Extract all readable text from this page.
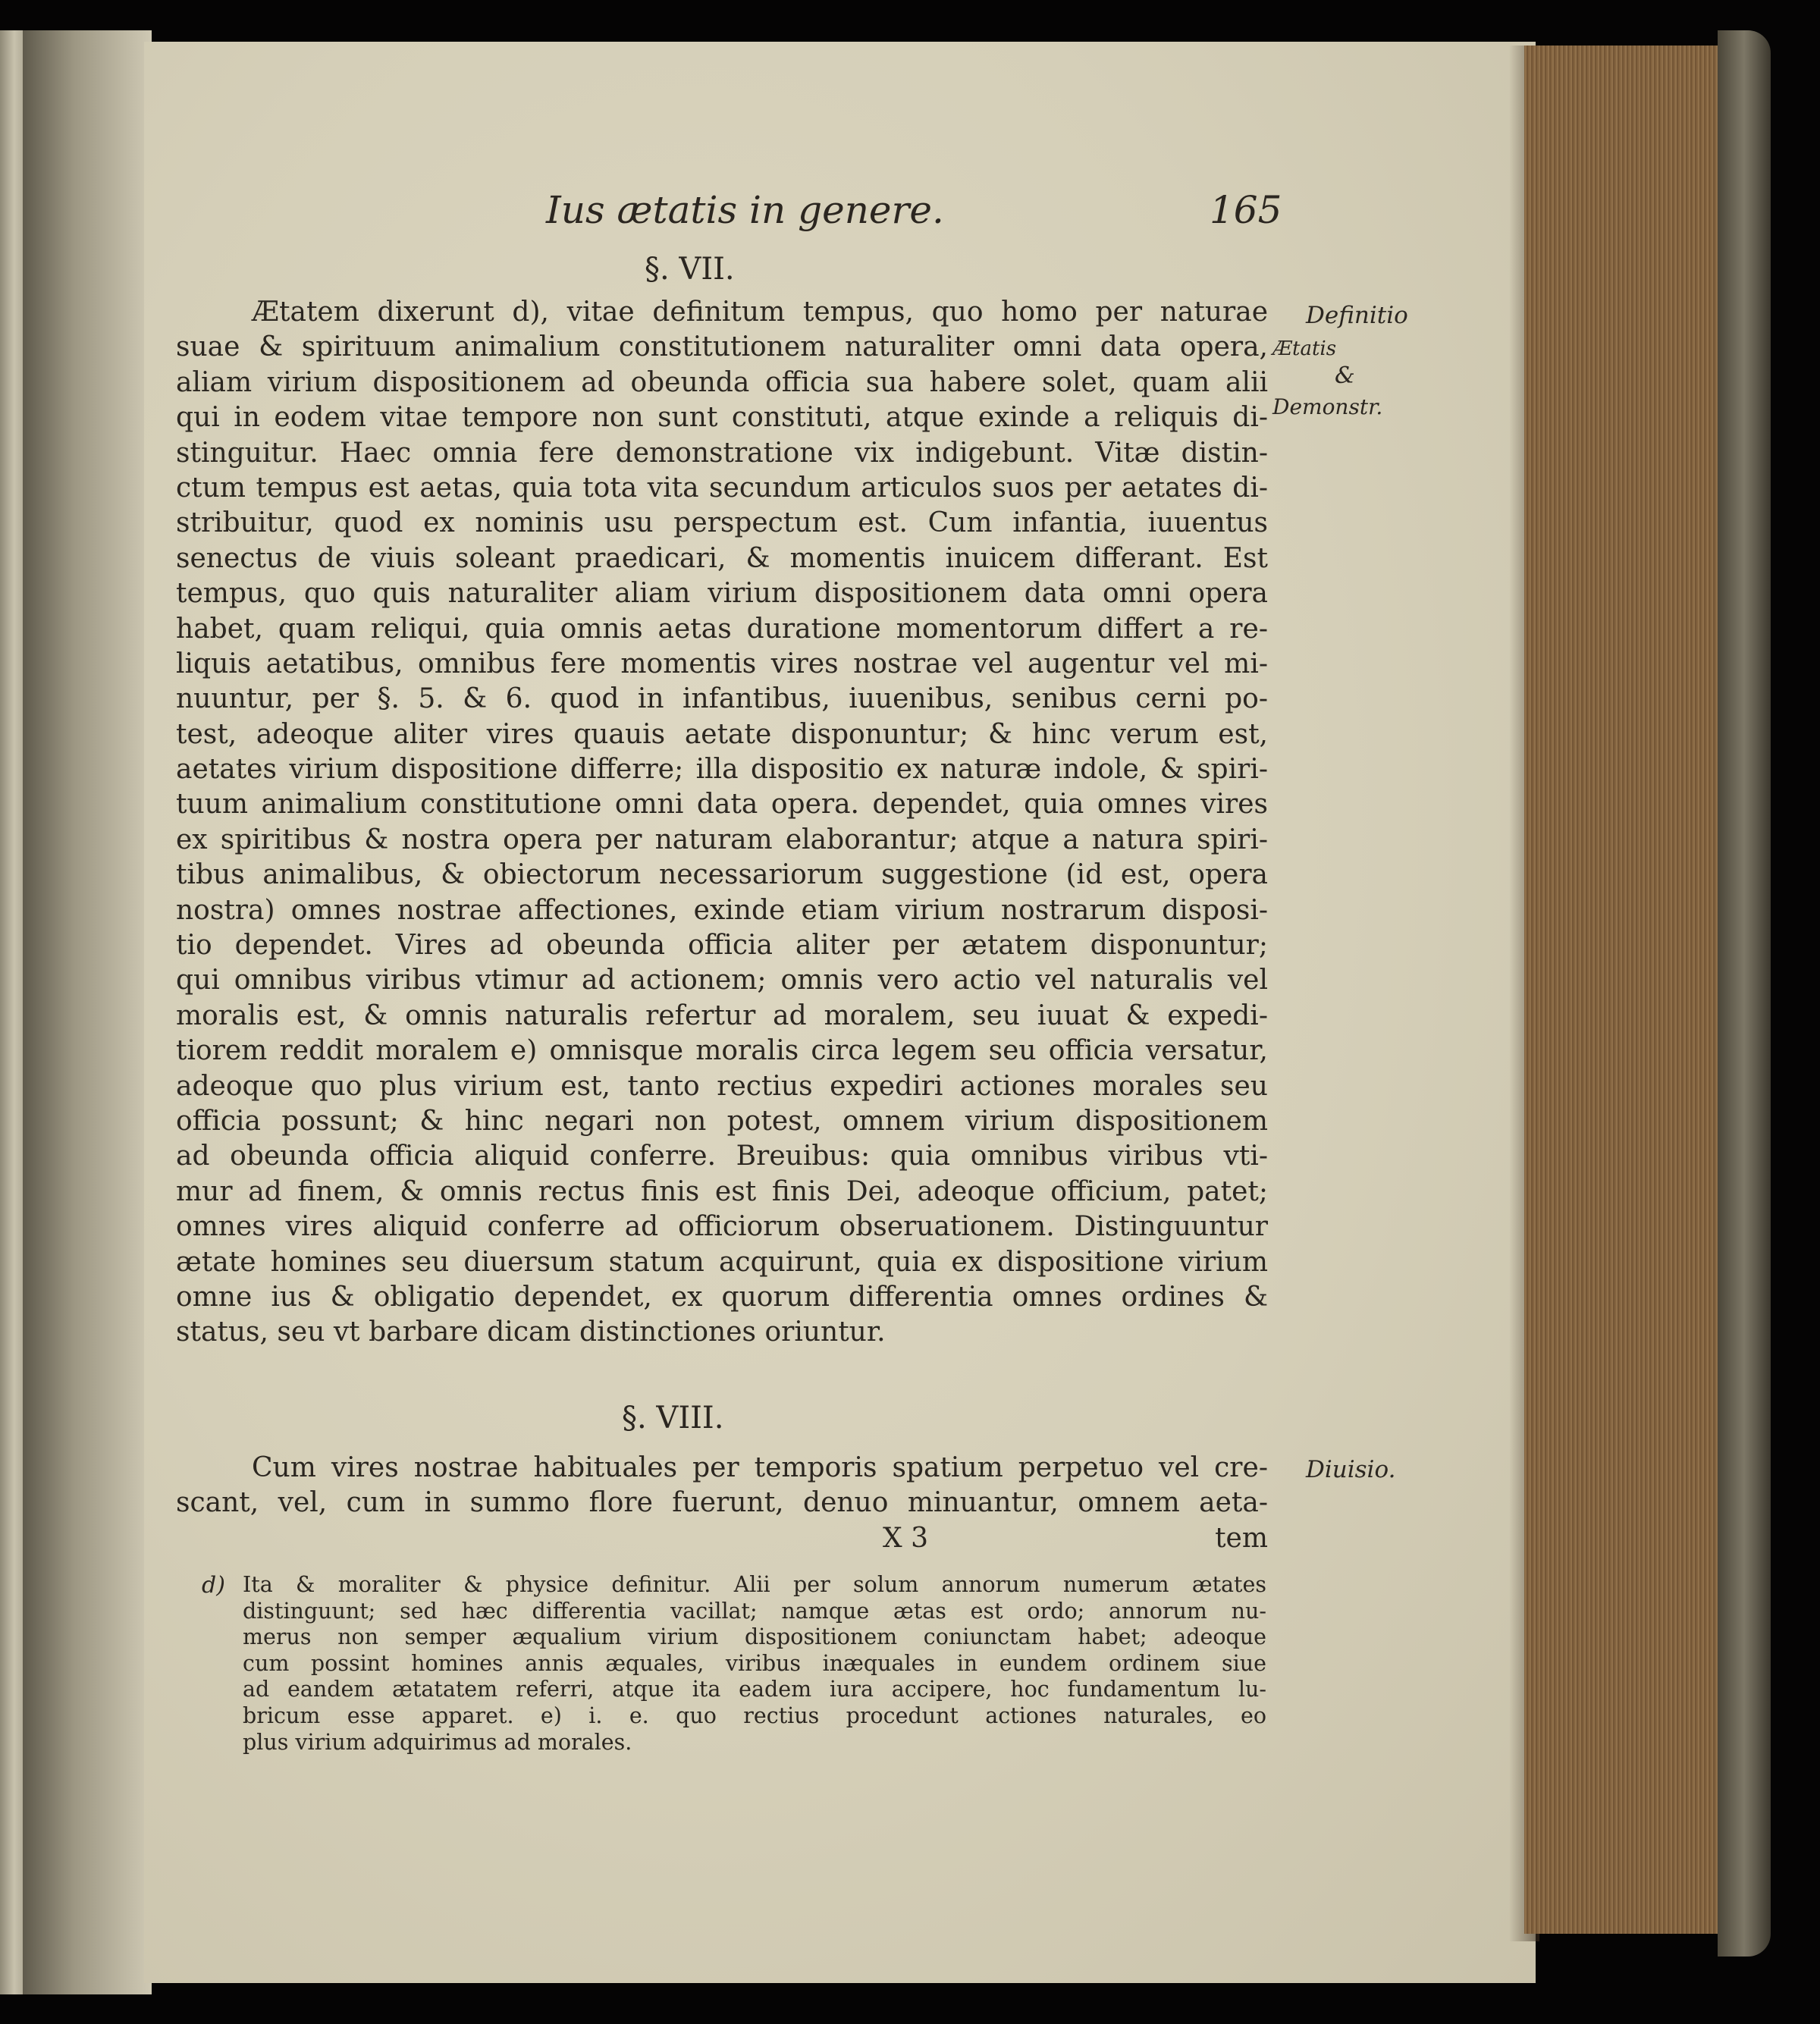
Ius ætatis in genere.	165
§. VII.
Ætatem dixerunt d), vitae definitum tempus, quo homo per naturae
suae & spirituum animalium constitutionem naturaliter omni data opera,
aliam virium dispositionem ad obeunda officia sua habere solet, quam alii
qui in eodem vitae tempore non sunt constituti, atque exinde a reliquis di-
stinguitur. Haec omnia fere demonstratione vix indigebunt. Vitæ distin-
ctum tempus est aetas, quia tota vita secundum articulos suos per aetates di-
stribuitur, quod ex nominis usu perspectum est. Cum infantia, iuuentus
senectus de viuis soleant praedicari, & momentis inuicem differant. Est
tempus, quo quis naturaliter aliam virium dispositionem data omni opera
habet, quam reliqui, quia omnis aetas duratione momentorum differt a re-
liquis aetatibus, omnibus fere momentis vires nostrae vel augentur vel mi-
nuuntur, per §. 5. & 6. quod in infantibus, iuuenibus, senibus cerni po-
test, adeoque aliter vires quauis aetate disponuntur; & hinc verum est,
aetates virium dispositione differre; illa dispositio ex naturæ indole, & spiri-
tuum animalium constitutione omni data opera. dependet, quia omnes vires
ex spiritibus & nostra opera per naturam elaborantur; atque a natura spiri-
tibus animalibus, & obiectorum necessariorum suggestione (id est, opera
nostra) omnes nostrae affectiones, exinde etiam virium nostrarum disposi-
tio dependet. Vires ad obeunda officia aliter per ætatem disponuntur;
qui omnibus viribus vtimur ad actionem; omnis vero actio vel naturalis vel
moralis est, & omnis naturalis refertur ad moralem, seu iuuat & expedi-
tiorem reddit moralem e) omnisque moralis circa legem seu officia versatur,
adeoque quo plus virium est, tanto rectius expediri actiones morales seu
officia possunt; & hinc negari non potest, omnem virium dispositionem
ad obeunda officia aliquid conferre. Breuibus: quia omnibus viribus vti-
mur ad finem, & omnis rectus finis est finis Dei, adeoque officium, patet;
omnes vires aliquid conferre ad officiorum obseruationem. Distinguuntur
ætate homines seu diuersum statum acquirunt, quia ex dispositione virium
omne ius & obligatio dependet, ex quorum differentia omnes ordines &
status, seu vt barbare dicam distinctiones oriuntur.
§. VIII.
Cum vires nostrae habituales per temporis spatium perpetuo vel cre-
scant, vel, cum in summo flore fuerunt, denuo minuantur, omnem aeta-
X 3	tem
d) Ita & moraliter & physice definitur. Alii per solum annorum numerum ætates
distinguunt; sed hæc differentia vacillat; namque ætas est ordo; annorum nu-
merus non semper æqualium virium dispositionem coniunctam habet; adeoque
cum possint homines annis æquales, viribus inæquales in eundem ordinem siue
ad eandem ætatatem referri, atque ita eadem iura accipere, hoc fundamentum lu-
bricum esse apparet. e) i. e. quo rectius procedunt actiones naturales, eo
plus virium adquirimus ad morales.
Definitio
Ætatis
&
Demonstr.
Diuisio.
